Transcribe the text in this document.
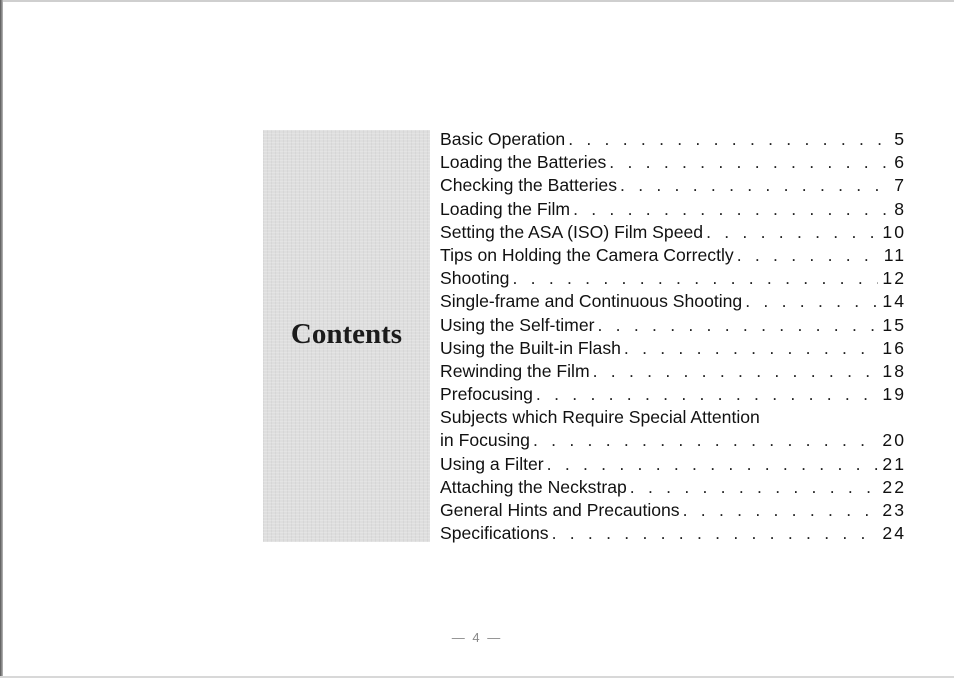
Contents
Basic Operation . . .	5
Loading the Batteries . . .	6
Checking the Batteries . . .	7
Loading the Film . . .	8
Setting the ASA (ISO) Film Speed . . .	10
Tips on Holding the Camera Correctly . . .	11
Shooting . . .	12
Single-frame and Continuous Shooting . . .	14
Using the Self-timer . . .	15
Using the Built-in Flash . . .	16
Rewinding the Film . . .	18
Prefocusing . . .	19
Subjects which Require Special Attention
in Focusing . . .	20
Using a Filter . . .	21
Attaching the Neckstrap . . .	22
General Hints and Precautions . . .	23
Specifications . . .	24
— 4 —
